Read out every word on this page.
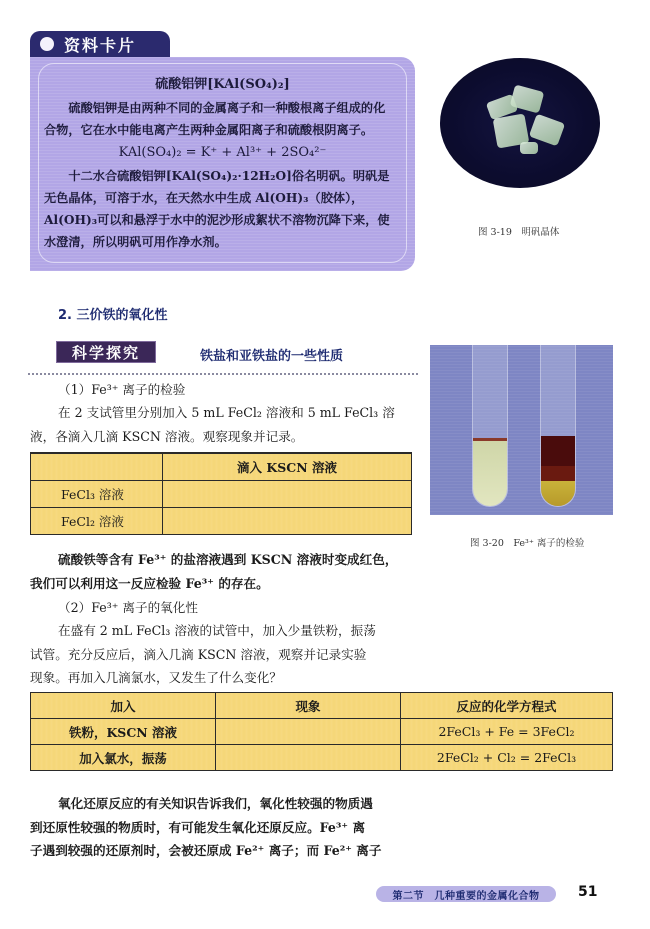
资料卡片
硫酸铝钾[KAl(SO₄)₂]
硫酸铝钾是由两种不同的金属离子和一种酸根离子组成的化
合物，它在水中能电离产生两种金属阳离子和硫酸根阴离子。
KAl(SO₄)₂ = K⁺ + Al³⁺ + 2SO₄²⁻
十二水合硫酸铝钾[KAl(SO₄)₂·12H₂O]俗名明矾。明矾是
无色晶体，可溶于水，在天然水中生成 Al(OH)₃（胶体），
Al(OH)₃可以和悬浮于水中的泥沙形成絮状不溶物沉降下来，使
水澄清，所以明矾可用作净水剂。
图 3-19　明矾晶体
2. 三价铁的氧化性
科学探究	铁盐和亚铁盐的一些性质
（1）Fe³⁺ 离子的检验
在 2 支试管里分别加入 5 mL FeCl₂ 溶液和 5 mL FeCl₃ 溶
液，各滴入几滴 KSCN 溶液。观察现象并记录。
	滴入 KSCN 溶液
FeCl₃ 溶液	
FeCl₂ 溶液	
图 3-20　Fe³⁺ 离子的检验
硫酸铁等含有 Fe³⁺ 的盐溶液遇到 KSCN 溶液时变成红色，
我们可以利用这一反应检验 Fe³⁺ 的存在。
（2）Fe³⁺ 离子的氧化性
在盛有 2 mL FeCl₃ 溶液的试管中，加入少量铁粉，振荡
试管。充分反应后，滴入几滴 KSCN 溶液，观察并记录实验
现象。再加入几滴氯水，又发生了什么变化？
加入	现象	反应的化学方程式
铁粉，KSCN 溶液		2FeCl₃ + Fe = 3FeCl₂
加入氯水，振荡		2FeCl₂ + Cl₂ = 2FeCl₃
氧化还原反应的有关知识告诉我们，氧化性较强的物质遇
到还原性较强的物质时，有可能发生氧化还原反应。Fe³⁺ 离
子遇到较强的还原剂时，会被还原成 Fe²⁺ 离子；而 Fe²⁺ 离子
第二节　几种重要的金属化合物	51
